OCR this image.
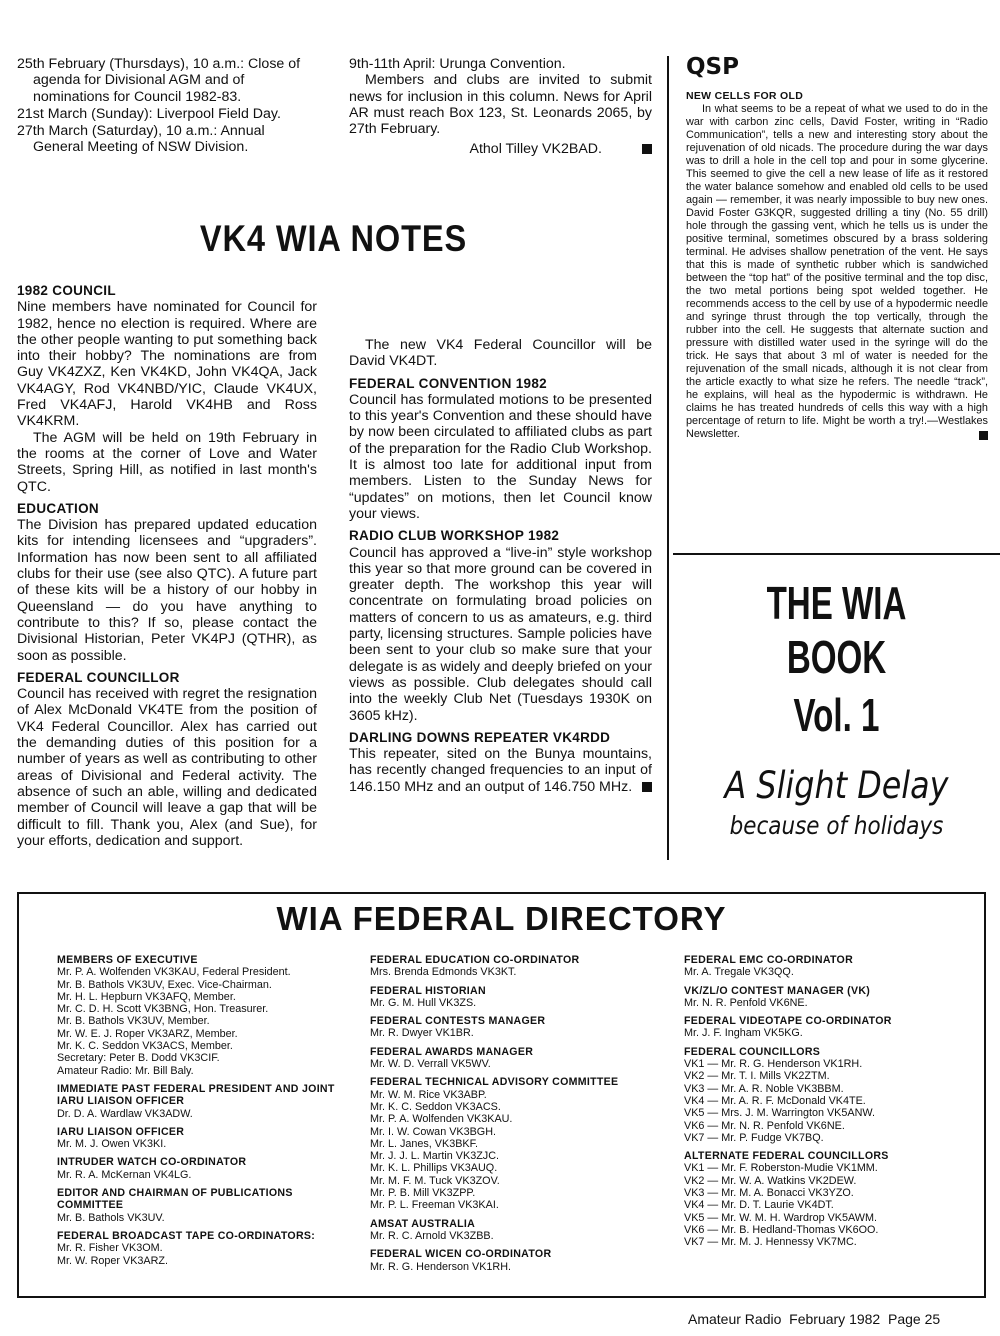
25th February (Thursdays), 10 a.m.: Close of agenda for Divisional AGM and of nominations for Council 1982-83.

21st March (Sunday): Liverpool Field Day.

27th March (Saturday), 10 a.m.: Annual General Meeting of NSW Division.

9th-11th April: Urunga Convention.

Members and clubs are invited to submit news for inclusion in this column. News for April AR must reach Box 123, St. Leonards 2065, by 27th February.

Athol Tilley VK2BAD.

VK4 WIA NOTES

1982 COUNCIL

Nine members have nominated for Council for 1982, hence no election is required. Where are the other people wanting to put something back into their hobby? The nominations are from Guy VK4ZXZ, Ken VK4KD, John VK4QA, Jack VK4AGY, Rod VK4NBD/YIC, Claude VK4UX, Fred VK4AFJ, Harold VK4HB and Ross VK4KRM.

The AGM will be held on 19th February in the rooms at the corner of Love and Water Streets, Spring Hill, as notified in last month's QTC.

EDUCATION

The Division has prepared updated education kits for intending licensees and “upgraders”. Information has now been sent to all affiliated clubs for their use (see also QTC). A future part of these kits will be a history of our hobby in Queensland — do you have anything to contribute to this? If so, please contact the Divisional Historian, Peter VK4PJ (QTHR), as soon as possible.

FEDERAL COUNCILLOR

Council has received with regret the resignation of Alex McDonald VK4TE from the position of VK4 Federal Councillor. Alex has carried out the demanding duties of this position for a number of years as well as contributing to other areas of Divisional and Federal activity. The absence of such an able, willing and dedicated member of Council will leave a gap that will be difficult to fill. Thank you, Alex (and Sue), for your efforts, dedication and support.

The new VK4 Federal Councillor will be David VK4DT.

FEDERAL CONVENTION 1982

Council has formulated motions to be presented to this year's Convention and these should have by now been circulated to affiliated clubs as part of the preparation for the Radio Club Workshop. It is almost too late for additional input from members. Listen to the Sunday News for “updates” on motions, then let Council know your views.

RADIO CLUB WORKSHOP 1982

Council has approved a “live-in” style workshop this year so that more ground can be covered in greater depth. The workshop this year will concentrate on formulating broad policies on matters of concern to us as amateurs, e.g. third party, licensing structures. Sample policies have been sent to your club so make sure that your delegate is as widely and deeply briefed on your views as possible. Club delegates should call into the weekly Club Net (Tuesdays 1930K on 3605 kHz).

DARLING DOWNS REPEATER VK4RDD

This repeater, sited on the Bunya mountains, has recently changed frequencies to an input of 146.150 MHz and an output of 146.750 MHz.

QSP

NEW CELLS FOR OLD

In what seems to be a repeat of what we used to do in the war with carbon zinc cells, David Foster, writing in “Radio Communication”, tells a new and interesting story about the rejuvenation of old nicads. The procedure during the war days was to drill a hole in the cell top and pour in some glycerine. This seemed to give the cell a new lease of life as it restored the water balance somehow and enabled old cells to be used again — remember, it was nearly impossible to buy new ones. David Foster G3KQR, suggested drilling a tiny (No. 55 drill) hole through the gassing vent, which he tells us is under the positive terminal, sometimes obscured by a brass soldering terminal. He advises shallow penetration of the vent. He says that this is made of synthetic rubber which is sandwiched between the “top hat” of the positive terminal and the top disc, the two metal portions being spot welded together. He recommends access to the cell by use of a hypodermic needle and syringe thrust through the top vertically, through the rubber into the cell. He suggests that alternate suction and pressure with distilled water used in the syringe will do the trick. He says that about 3 ml of water is needed for the rejuvenation of the small nicads, although it is not clear from the article exactly to what size he refers. The needle “track”, he explains, will heal as the hypodermic is withdrawn. He claims he has treated hundreds of cells this way with a high percentage of return to life. Might be worth a try!.—Westlakes Newsletter.

THE WIA BOOK
Vol. 1
A Slight Delay
because of holidays
WIA FEDERAL DIRECTORY
MEMBERS OF EXECUTIVE
Mr. P. A. Wolfenden VK3KAU, Federal President.
Mr. B. Bathols VK3UV, Exec. Vice-Chairman.
Mr. H. L. Hepburn VK3AFQ, Member.
Mr. C. D. H. Scott VK3BNG, Hon. Treasurer.
Mr. B. Bathols VK3UV, Member.
Mr. W. E. J. Roper VK3ARZ, Member.
Mr. K. C. Seddon VK3ACS, Member.
Secretary: Peter B. Dodd VK3CIF.
Amateur Radio: Mr. Bill Baly.
IMMEDIATE PAST FEDERAL PRESIDENT AND JOINT IARU LIAISON OFFICER
Dr. D. A. Wardlaw VK3ADW.
IARU LIAISON OFFICER
Mr. M. J. Owen VK3KI.
INTRUDER WATCH CO-ORDINATOR
Mr. R. A. McKernan VK4LG.
EDITOR AND CHAIRMAN OF PUBLICATIONS COMMITTEE
Mr. B. Bathols VK3UV.
FEDERAL BROADCAST TAPE CO-ORDINATORS:
Mr. R. Fisher VK3OM.
Mr. W. Roper VK3ARZ.
FEDERAL EDUCATION CO-ORDINATOR
Mrs. Brenda Edmonds VK3KT.
FEDERAL HISTORIAN
Mr. G. M. Hull VK3ZS.
FEDERAL CONTESTS MANAGER
Mr. R. Dwyer VK1BR.
FEDERAL AWARDS MANAGER
Mr. W. D. Verrall VK5WV.
FEDERAL TECHNICAL ADVISORY COMMITTEE
Mr. W. M. Rice VK3ABP.
Mr. K. C. Seddon VK3ACS.
Mr. P. A. Wolfenden VK3KAU.
Mr. I. W. Cowan VK3BGH.
Mr. L. Janes, VK3BKF.
Mr. J. J. L. Martin VK3ZJC.
Mr. K. L. Phillips VK3AUQ.
Mr. M. F. M. Tuck VK3ZOV.
Mr. P. B. Mill VK3ZPP.
Mr. P. L. Freeman VK3KAI.
AMSAT AUSTRALIA
Mr. R. C. Arnold VK3ZBB.
FEDERAL WICEN CO-ORDINATOR
Mr. R. G. Henderson VK1RH.
FEDERAL EMC CO-ORDINATOR
Mr. A. Tregale VK3QQ.
VK/ZL/O CONTEST MANAGER (VK)
Mr. N. R. Penfold VK6NE.
FEDERAL VIDEOTAPE CO-ORDINATOR
Mr. J. F. Ingham VK5KG.
FEDERAL COUNCILLORS
VK1 — Mr. R. G. Henderson VK1RH.
VK2 — Mr. T. I. Mills VK2ZTM.
VK3 — Mr. A. R. Noble VK3BBM.
VK4 — Mr. A. R. F. McDonald VK4TE.
VK5 — Mrs. J. M. Warrington VK5ANW.
VK6 — Mr. N. R. Penfold VK6NE.
VK7 — Mr. P. Fudge VK7BQ.
ALTERNATE FEDERAL COUNCILLORS
VK1 — Mr. F. Roberston-Mudie VK1MM.
VK2 — Mr. W. A. Watkins VK2DEW.
VK3 — Mr. M. A. Bonacci VK3YZO.
VK4 — Mr. D. T. Laurie VK4DT.
VK5 — Mr. W. M. H. Wardrop VK5AWM.
VK6 — Mr. B. Hedland-Thomas VK6OO.
VK7 — Mr. M. J. Hennessy VK7MC.
Amateur Radio  February 1982  Page 25
